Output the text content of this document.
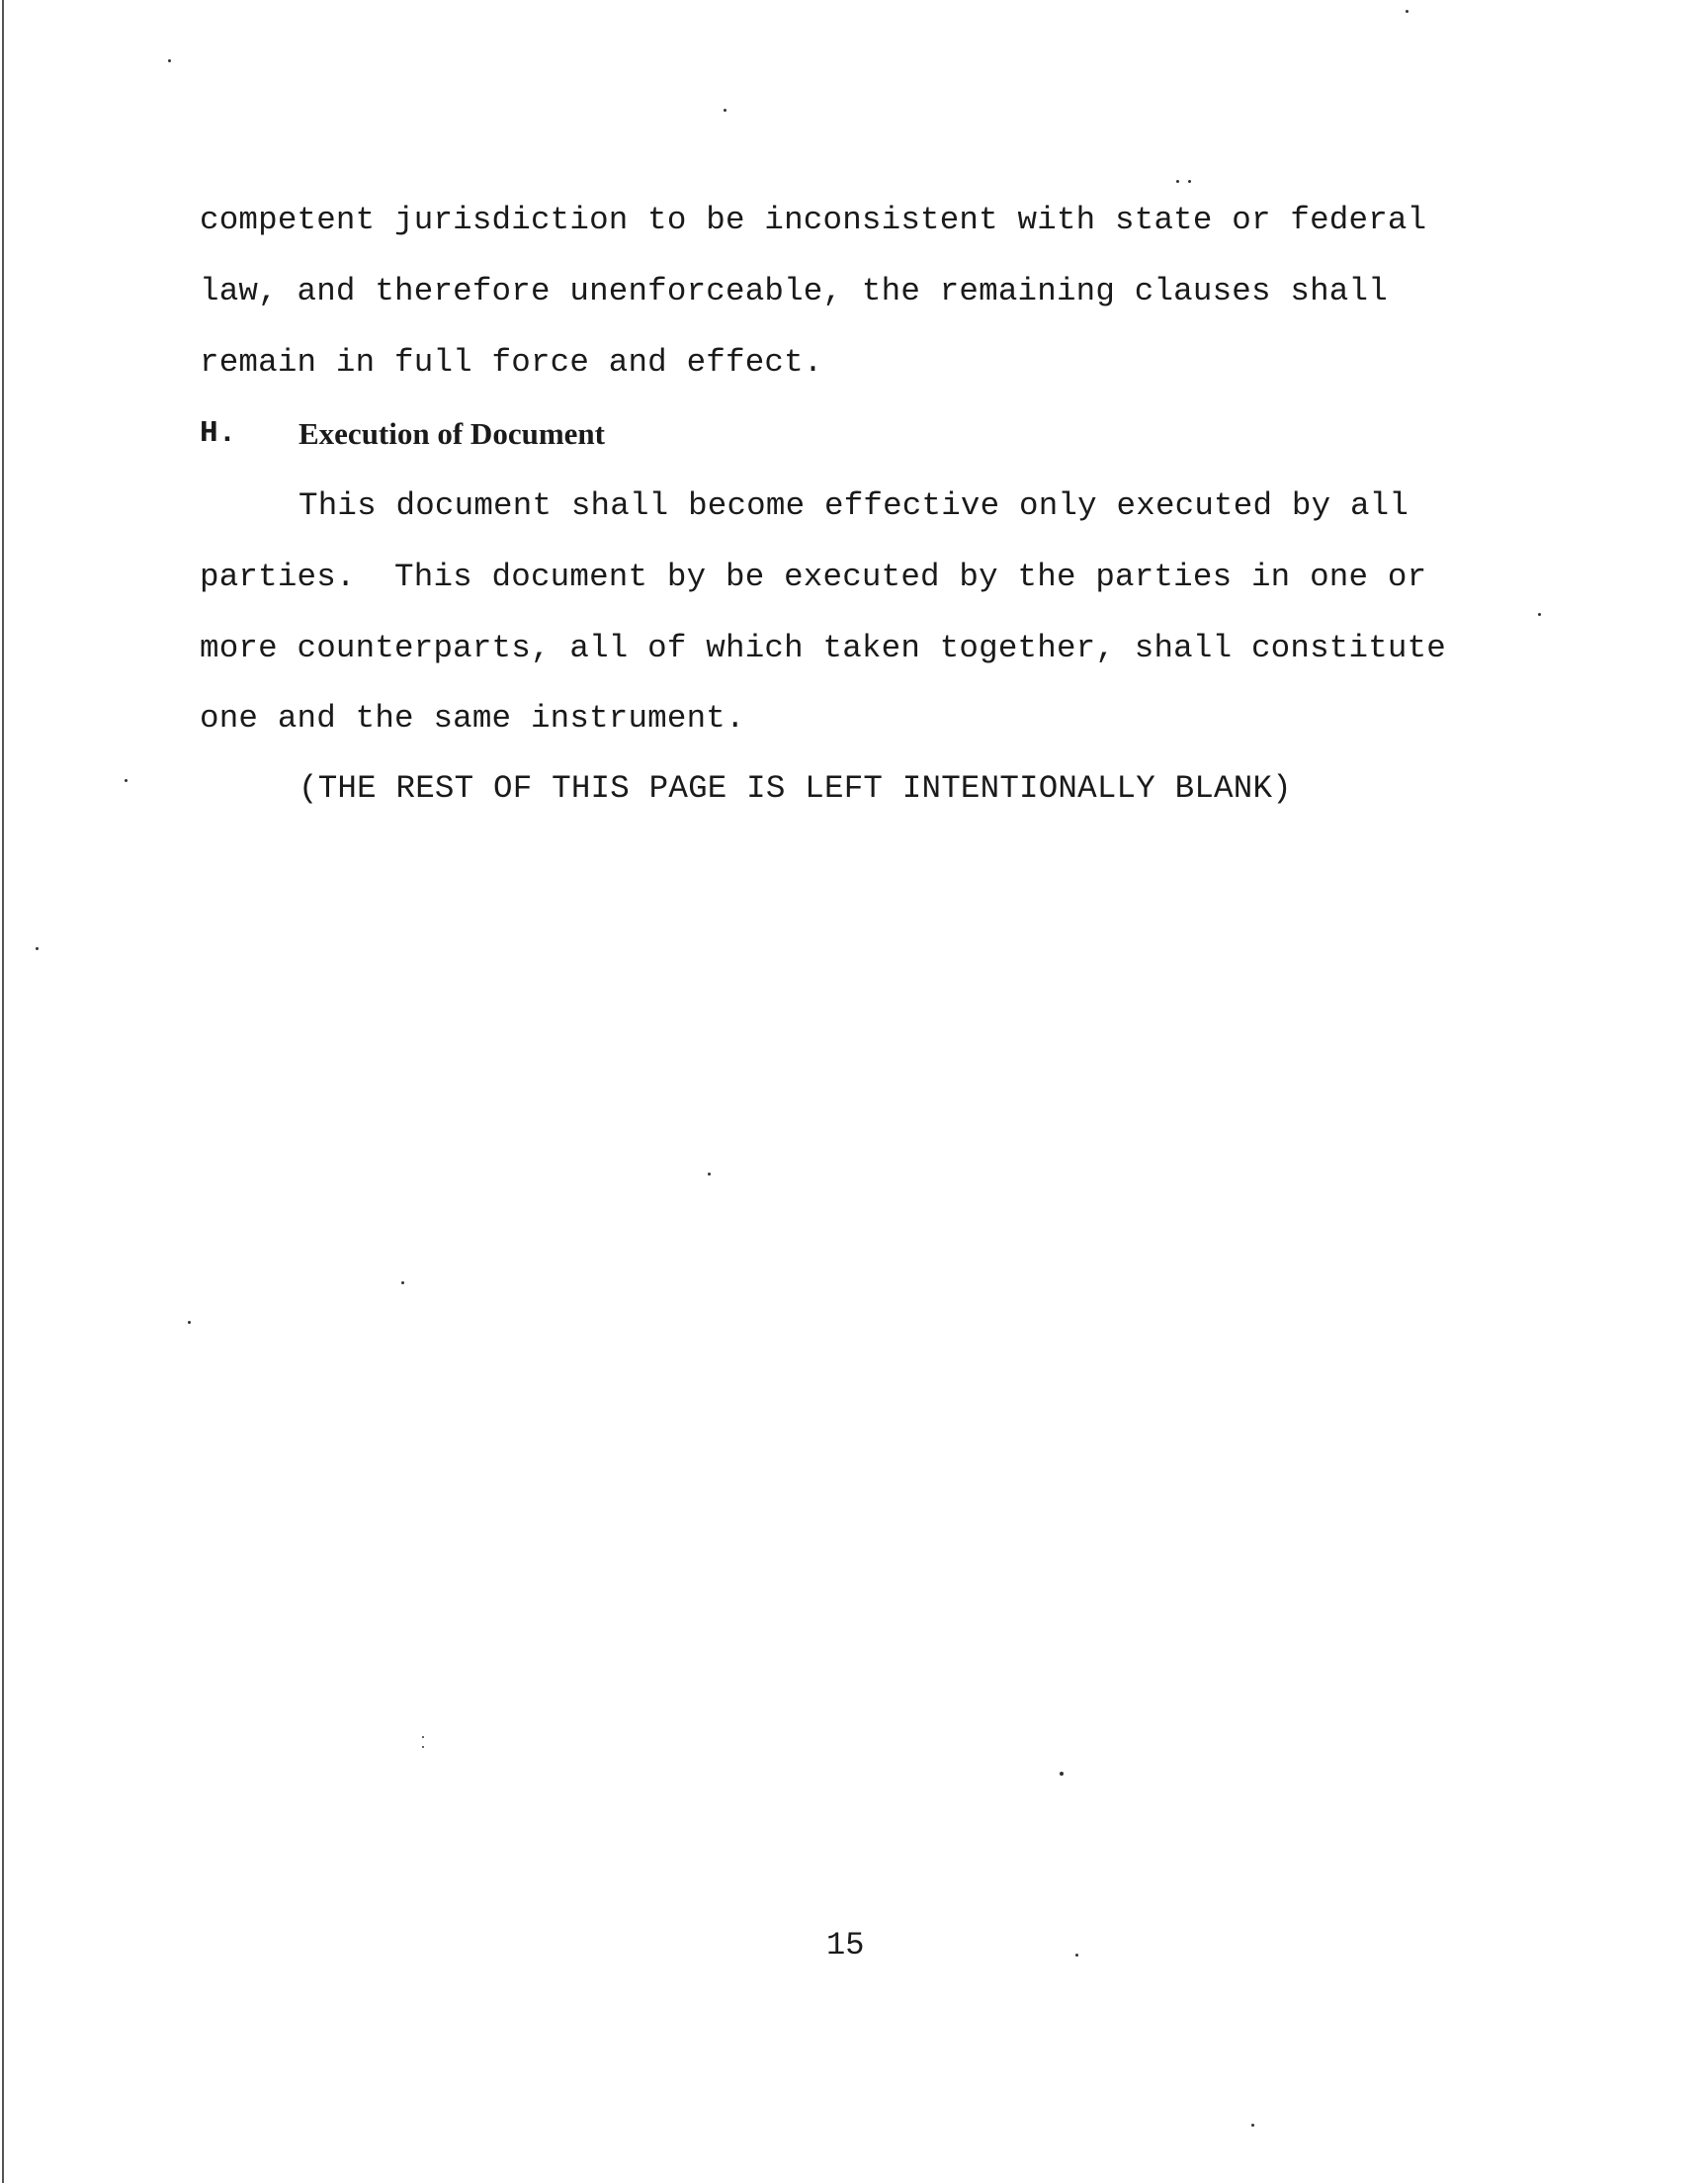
competent jurisdiction to be inconsistent with state or federal
law, and therefore unenforceable, the remaining clauses shall
remain in full force and effect.
H. Execution of Document
This document shall become effective only executed by all
parties.  This document by be executed by the parties in one or
more counterparts, all of which taken together, shall constitute
one and the same instrument.
(THE REST OF THIS PAGE IS LEFT INTENTIONALLY BLANK)
15
